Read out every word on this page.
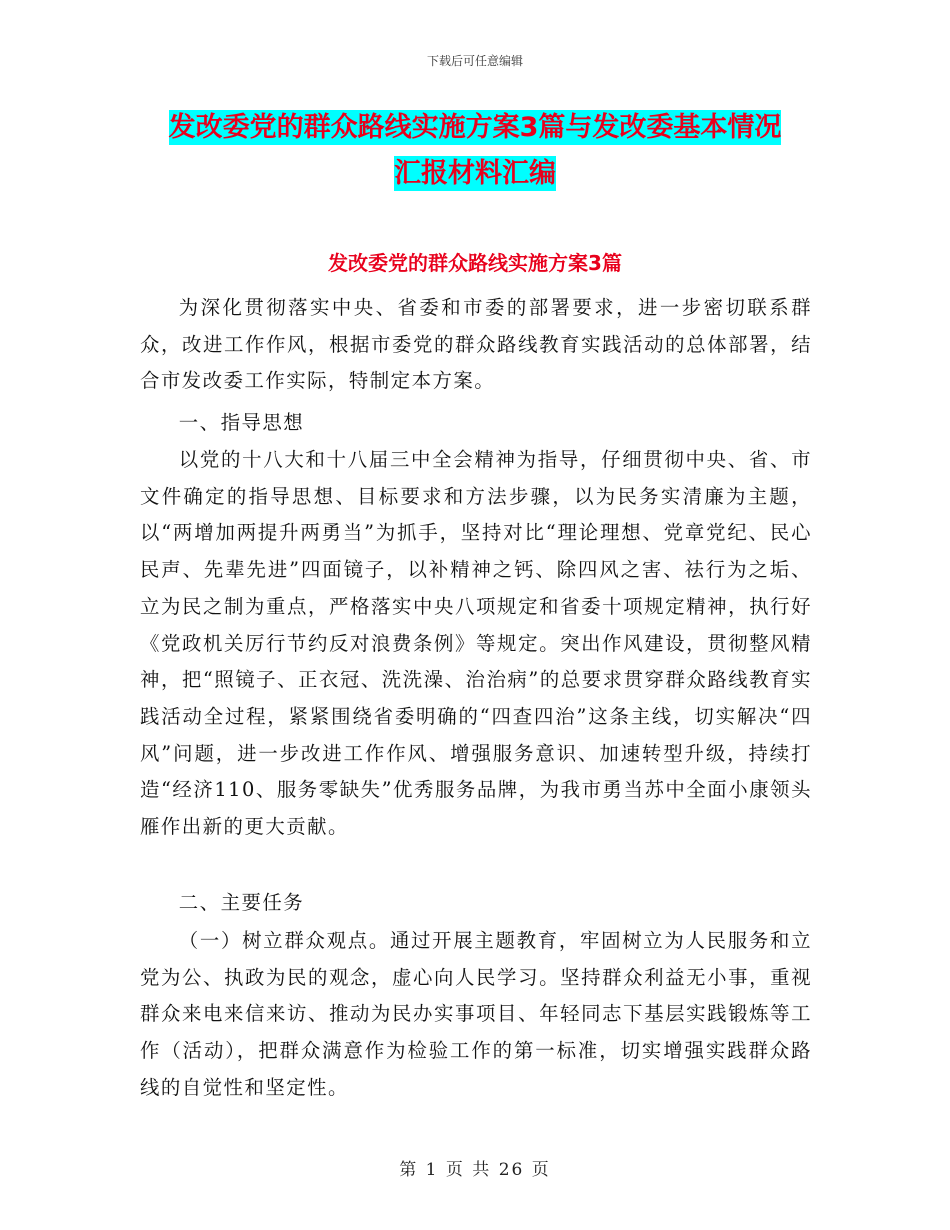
下载后可任意编辑
发改委党的群众路线实施方案3篇与发改委基本情况
汇报材料汇编
发改委党的群众路线实施方案3篇

为深化贯彻落实中央、省委和市委的部署要求，进一步密切联系群众，改进工作作风，根据市委党的群众路线教育实践活动的总体部署，结合市发改委工作实际，特制定本方案。

一、指导思想

以党的十八大和十八届三中全会精神为指导，仔细贯彻中央、省、市文件确定的指导思想、目标要求和方法步骤，以为民务实清廉为主题，以“两增加两提升两勇当”为抓手，坚持对比“理论理想、党章党纪、民心民声、先辈先进”四面镜子，以补精神之钙、除四风之害、祛行为之垢、立为民之制为重点，严格落实中央八项规定和省委十项规定精神，执行好《党政机关厉行节约反对浪费条例》等规定。突出作风建设，贯彻整风精神，把“照镜子、正衣冠、洗洗澡、治治病”的总要求贯穿群众路线教育实践活动全过程，紧紧围绕省委明确的“四查四治”这条主线，切实解决“四风”问题，进一步改进工作作风、增强服务意识、加速转型升级，持续打造“经济110、服务零缺失”优秀服务品牌，为我市勇当苏中全面小康领头雁作出新的更大贡献。

二、主要任务

（一）树立群众观点。通过开展主题教育，牢固树立为人民服务和立党为公、执政为民的观念，虚心向人民学习。坚持群众利益无小事，重视群众来电来信来访、推动为民办实事项目、年轻同志下基层实践锻炼等工作（活动），把群众满意作为检验工作的第一标准，切实增强实践群众路线的自觉性和坚定性。

第 1 页 共 26 页
